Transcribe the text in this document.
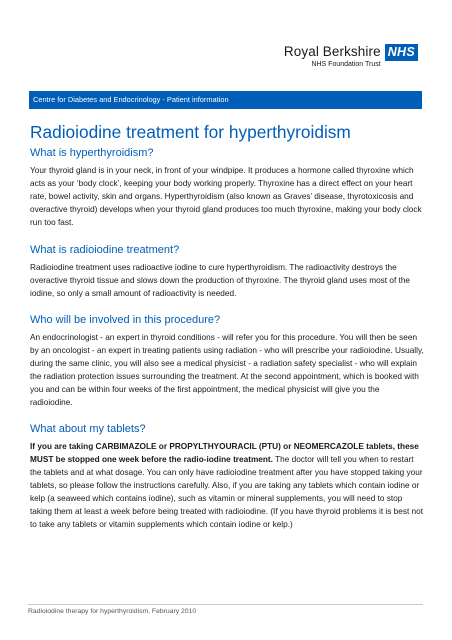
Royal Berkshire
NHS Foundation Trust
NHS
Centre for Diabetes and Endocrinology - Patient information
Radioiodine treatment for hyperthyroidism
What is hyperthyroidism?

Your thyroid gland is in your neck, in front of your windpipe. It produces a hormone called thyroxine which acts as your ‘body clock’, keeping your body working properly. Thyroxine has a direct effect on your heart rate, bowel activity, skin and organs. Hyperthyroidism (also known as Graves’ disease, thyrotoxicosis and overactive thyroid) develops when your thyroid gland produces too much thyroxine, making your body clock run too fast.

What is radioiodine treatment?

Radioiodine treatment uses radioactive iodine to cure hyperthyroidism. The radioactivity destroys the overactive thyroid tissue and slows down the production of thyroxine. The thyroid gland uses most of the iodine, so only a small amount of radioactivity is needed.

Who will be involved in this procedure?

An endocrinologist - an expert in thyroid conditions - will refer you for this procedure. You will then be seen by an oncologist - an expert in treating patients using radiation - who will prescribe your radioiodine. Usually, during the same clinic, you will also see a medical physicist - a radiation safety specialist - who will explain the radiation protection issues surrounding the treatment. At the second appointment, which is booked with you and can be within four weeks of the first appointment, the medical physicist will give you the radioiodine.

What about my tablets?

If you are taking CARBIMAZOLE or PROPYLTHYOURACIL (PTU) or NEOMERCAZOLE tablets, these MUST be stopped one week before the radio-iodine treatment. The doctor will tell you when to restart the tablets and at what dosage. You can only have radioiodine treatment after you have stopped taking your tablets, so please follow the instructions carefully. Also, if you are taking any tablets which contain iodine or kelp (a seaweed which contains iodine), such as vitamin or mineral supplements, you will need to stop taking them at least a week before being treated with radioiodine. (If you have thyroid problems it is best not to take any tablets or vitamin supplements which contain iodine or kelp.)

Radioiodine therapy for hyperthyroidism, February 2010
